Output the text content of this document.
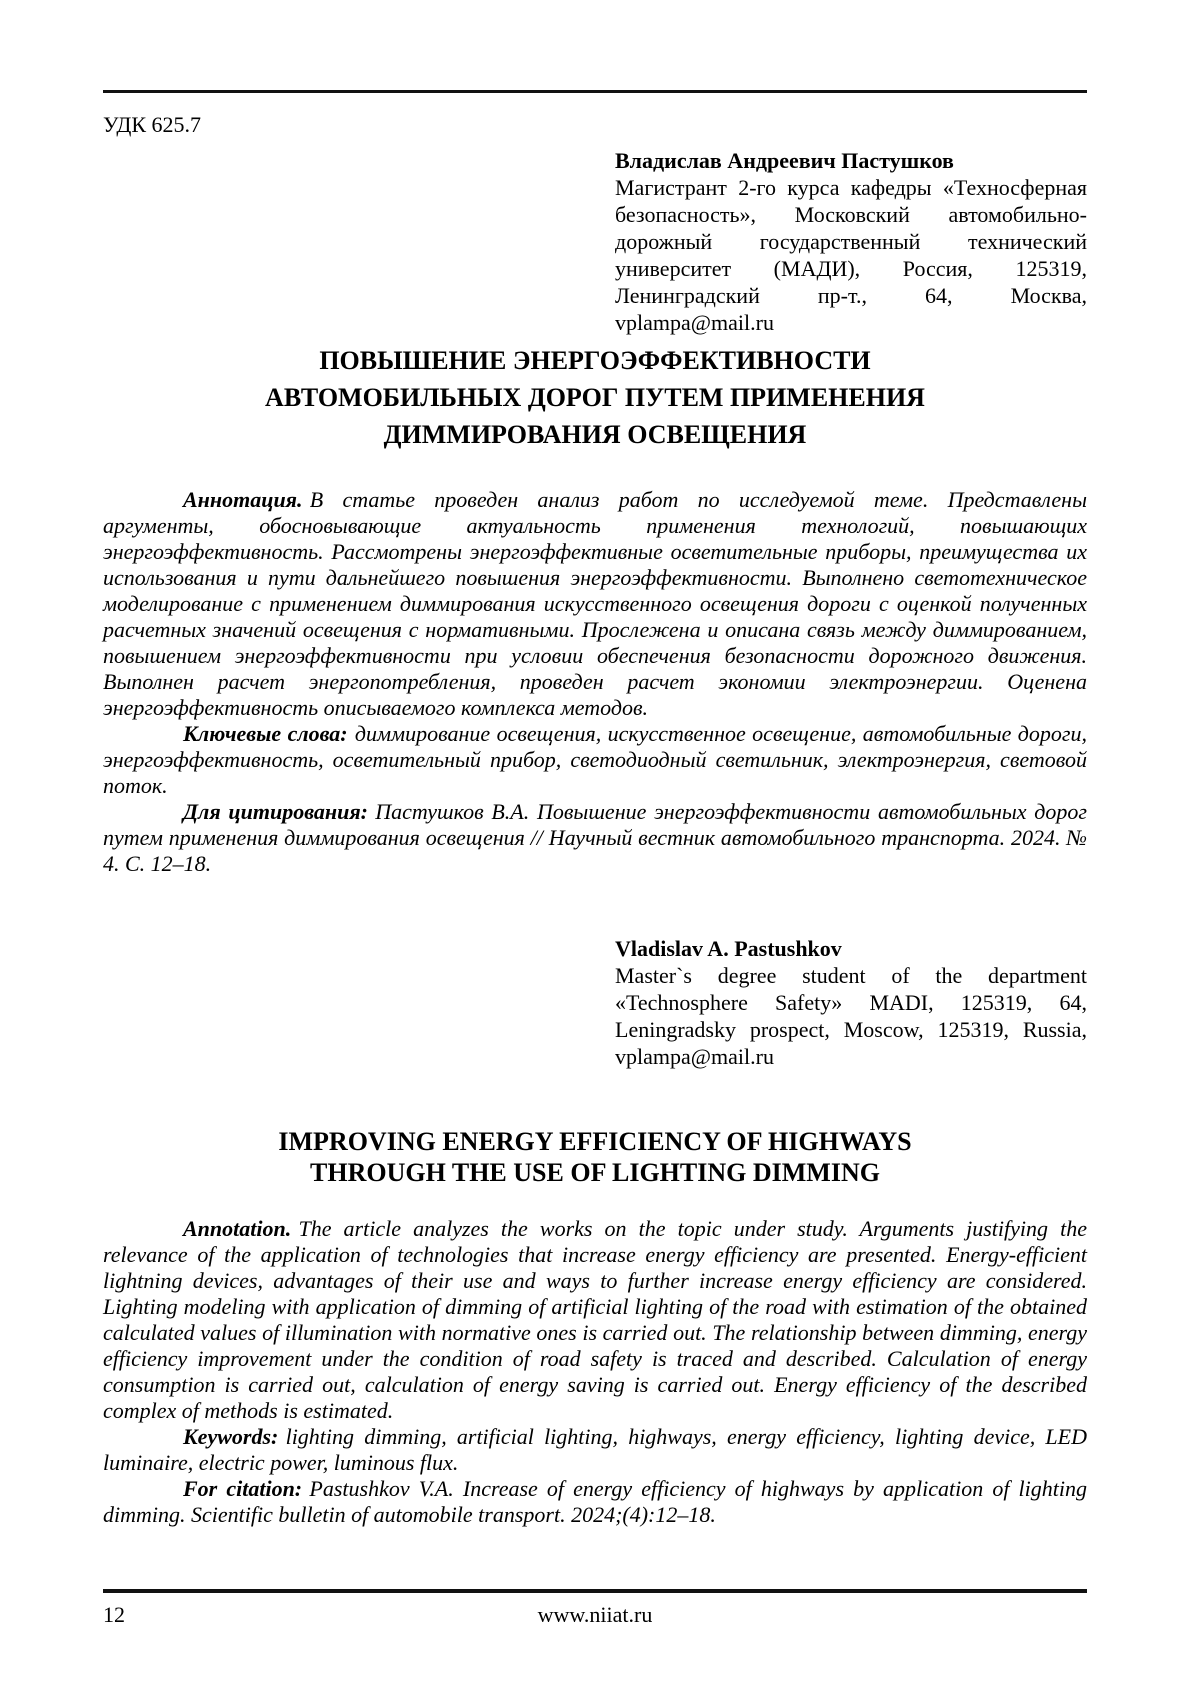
УДК 625.7
Владислав Андреевич Пастушков
Магистрант 2-го курса кафедры «Техносферная безопасность», Московский автомобильно-дорожный государственный технический университет (МАДИ), Россия, 125319, Ленинградский пр-т., 64, Москва, vplampa@mail.ru
ПОВЫШЕНИЕ ЭНЕРГОЭФФЕКТИВНОСТИ
АВТОМОБИЛЬНЫХ ДОРОГ ПУТЕМ ПРИМЕНЕНИЯ
ДИММИРОВАНИЯ ОСВЕЩЕНИЯ

Аннотация. В статье проведен анализ работ по исследуемой теме. Представлены аргументы, обосновывающие актуальность применения технологий, повышающих энергоэффективность. Рассмотрены энергоэффективные осветительные приборы, преимущества их использования и пути дальнейшего повышения энергоэффективности. Выполнено светотехническое моделирование с применением диммирования искусственного освещения дороги с оценкой полученных расчетных значений освещения с нормативными. Прослежена и описана связь между диммированием, повышением энергоэффективности при условии обеспечения безопасности дорожного движения. Выполнен расчет энергопотребления, проведен расчет экономии электроэнергии. Оценена энергоэффективность описываемого комплекса методов.

Ключевые слова: диммирование освещения, искусственное освещение, автомобильные дороги, энергоэффективность, осветительный прибор, светодиодный светильник, электроэнергия, световой поток.

Для цитирования: Пастушков В.А. Повышение энергоэффективности автомобильных дорог путем применения диммирования освещения // Научный вестник автомобильного транспорта. 2024. № 4. С. 12–18.

Vladislav A. Pastushkov
Master`s degree student of the department «Technosphere Safety» MADI, 125319, 64, Leningradsky prospect, Moscow, 125319, Russia, vplampa@mail.ru
IMPROVING ENERGY EFFICIENCY OF HIGHWAYS
THROUGH THE USE OF LIGHTING DIMMING

Annotation. The article analyzes the works on the topic under study. Arguments justifying the relevance of the application of technologies that increase energy efficiency are presented. Energy-efficient lightning devices, advantages of their use and ways to further increase energy efficiency are considered. Lighting modeling with application of dimming of artificial lighting of the road with estimation of the obtained calculated values of illumination with normative ones is carried out. The relationship between dimming, energy efficiency improvement under the condition of road safety is traced and described. Calculation of energy consumption is carried out, calculation of energy saving is carried out. Energy efficiency of the described complex of methods is estimated.

Keywords: lighting dimming, artificial lighting, highways, energy efficiency, lighting device, LED luminaire, electric power, luminous flux.

For citation: Pastushkov V.A. Increase of energy efficiency of highways by application of lighting dimming. Scientific bulletin of automobile transport. 2024;(4):12–18.

12	www.niiat.ru
